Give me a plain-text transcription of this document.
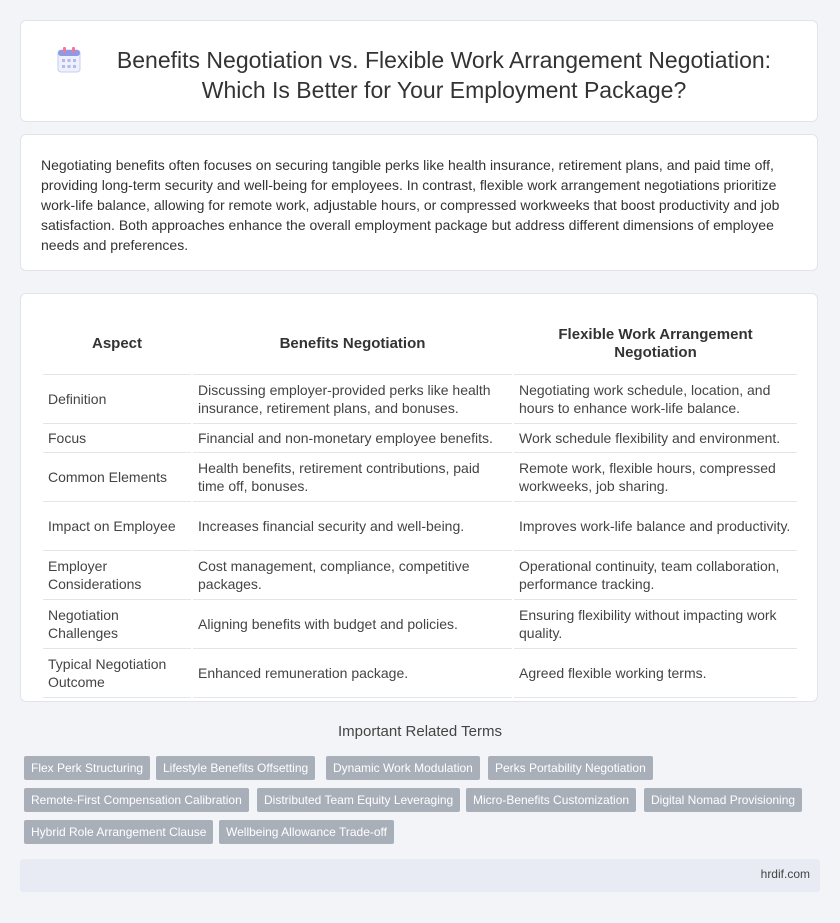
Benefits Negotiation vs. Flexible Work Arrangement Negotiation: Which Is Better for Your Employment Package?

Negotiating benefits often focuses on securing tangible perks like health insurance, retirement plans, and paid time off, providing long-term security and well-being for employees. In contrast, flexible work arrangement negotiations prioritize work-life balance, allowing for remote work, adjustable hours, or compressed workweeks that boost productivity and job satisfaction. Both approaches enhance the overall employment package but address different dimensions of employee needs and preferences.

Aspect	Benefits Negotiation	Flexible Work Arrangement Negotiation
Definition	Discussing employer-provided perks like health insurance, retirement plans, and bonuses.	Negotiating work schedule, location, and hours to enhance work-life balance.
Focus	Financial and non-monetary employee benefits.	Work schedule flexibility and environment.
Common Elements	Health benefits, retirement contributions, paid time off, bonuses.	Remote work, flexible hours, compressed workweeks, job sharing.
Impact on Employee	Increases financial security and well-being.	Improves work-life balance and productivity.
Employer Considerations	Cost management, compliance, competitive packages.	Operational continuity, team collaboration, performance tracking.
Negotiation Challenges	Aligning benefits with budget and policies.	Ensuring flexibility without impacting work quality.
Typical Negotiation Outcome	Enhanced remuneration package.	Agreed flexible working terms.
Important Related Terms
Flex Perk Structuring	Lifestyle Benefits Offsetting	Dynamic Work Modulation	Perks Portability Negotiation
Remote-First Compensation Calibration	Distributed Team Equity Leveraging	Micro-Benefits Customization	Digital Nomad Provisioning
Hybrid Role Arrangement Clause	Wellbeing Allowance Trade-off
hrdif.com
